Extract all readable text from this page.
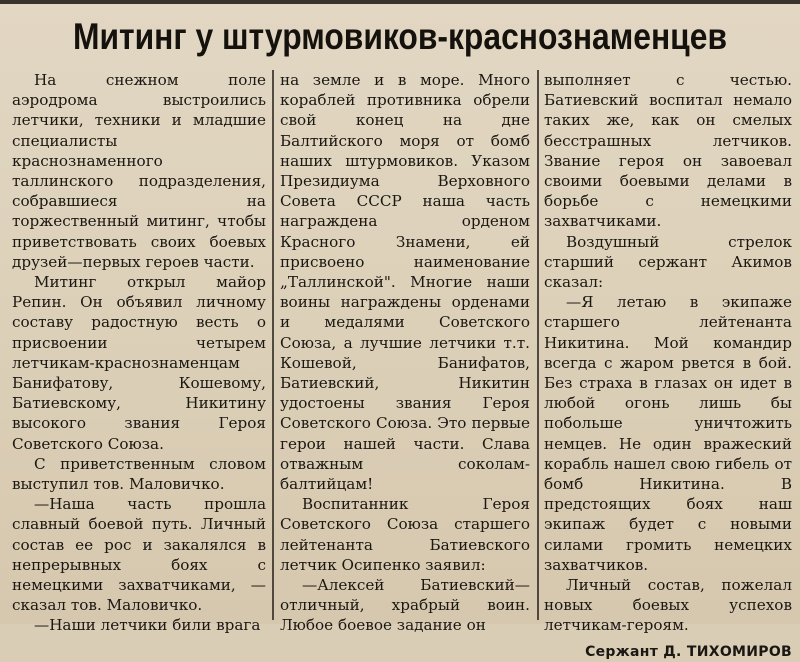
Митинг у штурмовиков-краснознаменцев

На снежном поле аэродрома выстроились летчики, техники и младшие специалисты краснознаменного таллинского подразделения, собравшиеся на торжественный митинг, чтобы приветствовать своих боевых друзей—первых героев части.

Митинг открыл майор Репин. Он объявил личному составу радостную весть о присвоении четырем летчикам-краснознаменцам Банифатову, Кошевому, Батиевскому, Никитину высокого звания Героя Советского Союза.

С приветственным словом выступил тов. Маловичко.

—Наша часть прошла славный боевой путь. Личный состав ее рос и закалялся в непрерывных боях с немецкими захватчиками, —сказал тов. Маловичко.

—Наши летчики били врага

на земле и в море. Много кораблей противника обрели свой конец на дне Балтийского моря от бомб наших штурмовиков. Указом Президиума Верховного Совета СССР наша часть награждена орденом Красного Знамени, ей присвоено наименование „Таллинской". Многие наши воины награждены орденами и медалями Советского Союза, а лучшие летчики т.т. Кошевой, Банифатов, Батиевский, Никитин удостоены звания Героя Советского Союза. Это первые герои нашей части. Слава отважным соколам-балтийцам!

Воспитанник Героя Советского Союза старшего лейтенанта Батиевского летчик Осипенко заявил:

—Алексей Батиевский— отличный, храбрый воин. Любое боевое задание он

выполняет с честью. Батиевский воспитал немало таких же, как он смелых бесстрашных летчиков. Звание героя он завоевал своими боевыми делами в борьбе с немецкими захватчиками.

Воздушный стрелок старший сержант Акимов сказал:

—Я летаю в экипаже старшего лейтенанта Никитина. Мой командир всегда с жаром рвется в бой. Без страха в глазах он идет в любой огонь лишь бы побольше уничтожить немцев. Не один вражеский корабль нашел свою гибель от бомб Никитина. В предстоящих боях наш экипаж будет с новыми силами громить немецких захватчиков.

Личный состав, пожелал новых боевых успехов летчикам-героям.

Сержант Д. ТИХОМИРОВ
